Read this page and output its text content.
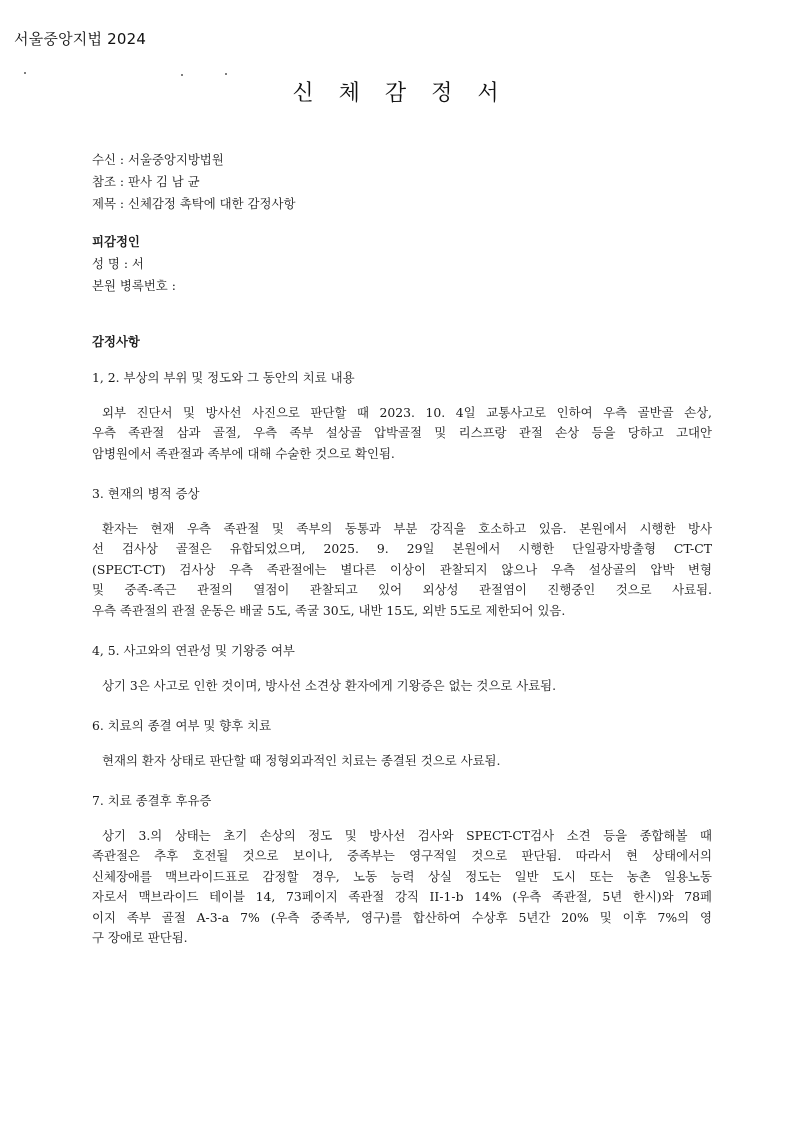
서울중앙지법 2024
신 체 감 정 서

수신 : 서울중앙지방법원

참조 : 판사 김 남 균

제목 : 신체감정 촉탁에 대한 감정사항

피감정인

성 명 : 서

본원 병록번호 :

감정사항

1, 2. 부상의 부위 및 정도와 그 동안의 치료 내용

외부 진단서 및 방사선 사진으로 판단할 때 2023. 10. 4일 교통사고로 인하여 우측 골반골 손상,
우측 족관절 삼과 골절, 우측 족부 설상골 압박골절 및 리스프랑 관절 손상 등을 당하고 고대안
암병원에서 족관절과 족부에 대해 수술한 것으로 확인됨.

3. 현재의 병적 증상

환자는 현재 우측 족관절 및 족부의 동통과 부분 강직을 호소하고 있음. 본원에서 시행한 방사
선 검사상 골절은 유합되었으며, 2025. 9. 29일 본원에서 시행한 단일광자방출형 CT-CT
(SPECT-CT) 검사상 우측 족관절에는 별다른 이상이 관찰되지 않으나 우측 설상골의 압박 변형
및 중족-족근 관절의 열점이 관찰되고 있어 외상성 관절염이 진행중인 것으로 사료됨.
우측 족관절의 관절 운동은 배굴 5도, 족굴 30도, 내반 15도, 외반 5도로 제한되어 있음.

4, 5. 사고와의 연관성 및 기왕증 여부

상기 3은 사고로 인한 것이며, 방사선 소견상 환자에게 기왕증은 없는 것으로 사료됨.

6. 치료의 종결 여부 및 향후 치료

현재의 환자 상태로 판단할 때 정형외과적인 치료는 종결된 것으로 사료됨.

7. 치료 종결후 후유증

상기 3.의 상태는 초기 손상의 정도 및 방사선 검사와 SPECT-CT검사 소견 등을 종합해볼 때
족관절은 추후 호전될 것으로 보이나, 중족부는 영구적일 것으로 판단됨. 따라서 현 상태에서의
신체장애를 맥브라이드표로 감정할 경우, 노동 능력 상실 정도는 일반 도시 또는 농촌 일용노동
자로서 맥브라이드 테이블 14, 73페이지 족관절 강직 II-1-b 14% (우측 족관절, 5년 한시)와 78페
이지 족부 골절 A-3-a 7% (우측 중족부, 영구)를 합산하여 수상후 5년간 20% 및 이후 7%의 영
구 장애로 판단됨.
